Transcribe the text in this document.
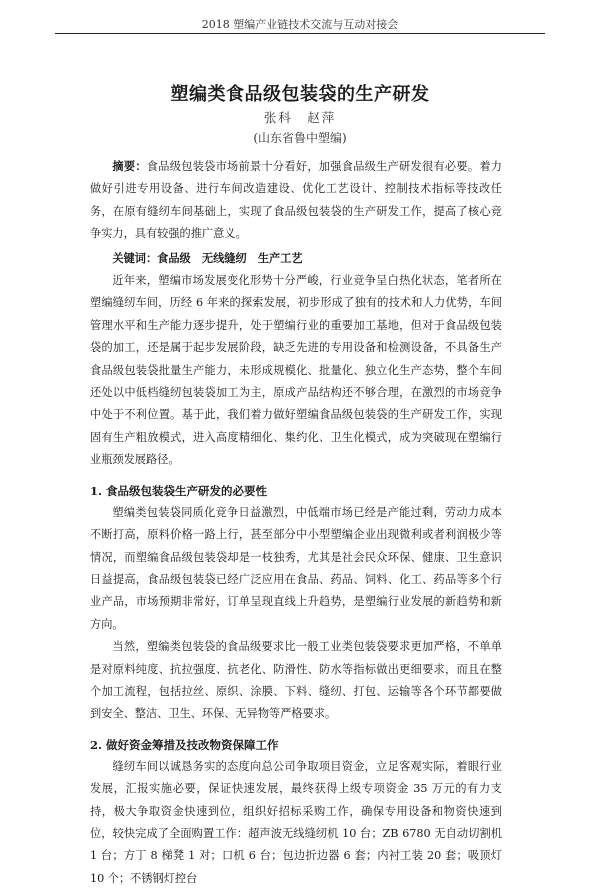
2018 塑编产业链技术交流与互动对接会
塑编类食品级包装袋的生产研发
张科　赵萍
(山东省鲁中塑编)

摘要：食品级包装袋市场前景十分看好，加强食品级生产研发很有必要。着力做好引进专用设备、进行车间改造建设、优化工艺设计、控制技术指标等技改任务，在原有缝纫车间基础上，实现了食品级包装袋的生产研发工作，提高了核心竞争实力，具有较强的推广意义。

　　关键词：食品级　无线缝纫　生产工艺

近年来，塑编市场发展变化形势十分严峻，行业竞争呈白热化状态，笔者所在塑编缝纫车间，历经 6 年来的探索发展，初步形成了独有的技术和人力优势，车间管理水平和生产能力逐步提升，处于塑编行业的重要加工基地，但对于食品级包装袋的加工，还是属于起步发展阶段，缺乏先进的专用设备和检测设备，不具备生产食品级包装袋批量生产能力，未形成规模化、批量化、独立化生产态势，整个车间还处以中低档缝纫包装袋加工为主，原成产品结构还不够合理，在激烈的市场竞争中处于不利位置。基于此，我们着力做好塑编食品级包装袋的生产研发工作，实现固有生产粗放模式，进入高度精细化、集约化、卫生化模式，成为突破现在塑编行业瓶颈发展路径。

1. 食品级包装袋生产研发的必要性

塑编类包装袋同质化竞争日益激烈，中低端市场已经是产能过剩，劳动力成本不断打高，原料价格一路上行，甚至部分中小型塑编企业出现微利或者利润极少等情况，而塑编食品级包装袋却是一枝独秀，尤其是社会民众环保、健康、卫生意识日益提高，食品级包装袋已经广泛应用在食品、药品、饲料、化工、药品等多个行业产品，市场预期非常好，订单呈现直线上升趋势，是塑编行业发展的新趋势和新方向。

当然，塑编类包装袋的食品级要求比一般工业类包装袋要求更加严格，不单单是对原料纯度、抗拉强度、抗老化、防滑性、防水等指标做出更细要求，而且在整个加工流程，包括拉丝、原织、涂膜、下料、缝纫、打包、运输等各个环节都要做到安全、整洁、卫生、环保、无异物等严格要求。

2. 做好资金筹措及技改物资保障工作

缝纫车间以诚恳务实的态度向总公司争取项目资金，立足客观实际，着眼行业发展，汇报实施必要，保证快速发展，最终获得上级专项资金 35 万元的有力支持，极大争取资金快速到位，组织好招标采购工作，确保专用设备和物资快速到位，较快完成了全面购置工作：超声波无线缝纫机 10 台；ZB 6780 无自动切割机 1 台；方丁 8 梯凳 1 对；口机 6 台；包边折边器 6 套；内衬工装 20 套；吸顶灯 10 个；不锈钢灯控台
